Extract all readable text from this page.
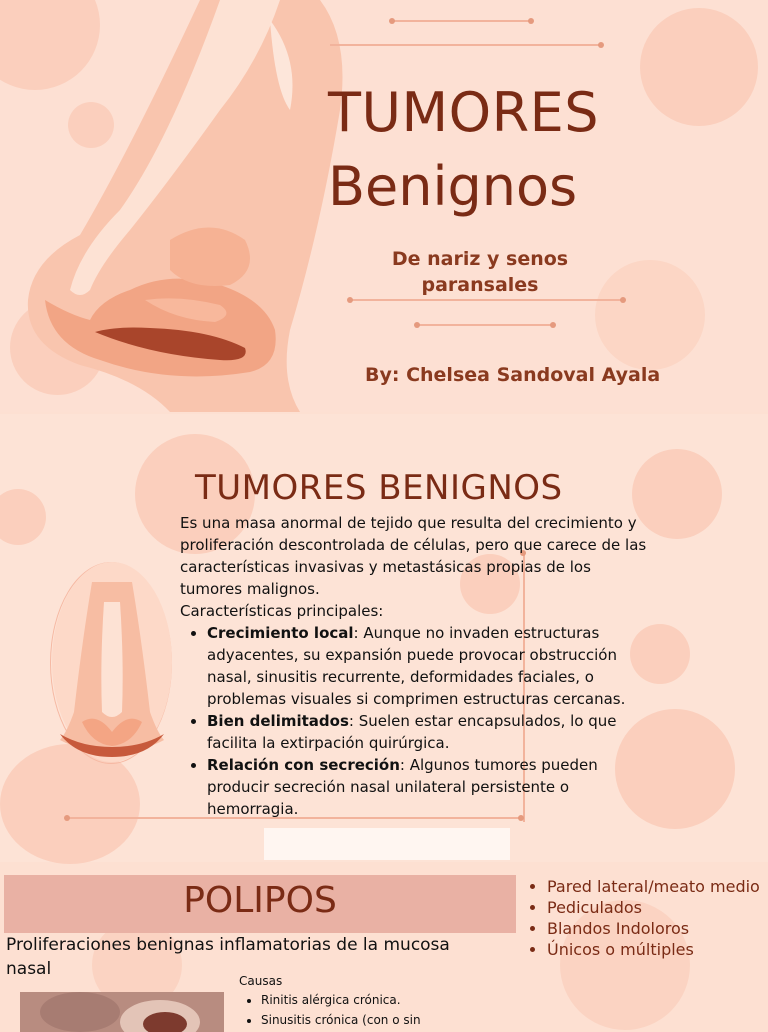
TUMORES
Benignos
De nariz y senos paransales
By: Chelsea Sandoval Ayala
TUMORES BENIGNOS
Es una masa anormal de tejido que resulta del crecimiento y proliferación descontrolada de células, pero que carece de las características invasivas y metastásicas propias de los tumores malignos.
Características principales:
• Crecimiento local: Aunque no invaden estructuras adyacentes, su expansión puede provocar obstrucción nasal, sinusitis recurrente, deformidades faciales, o problemas visuales si comprimen estructuras cercanas.
• Bien delimitados: Suelen estar encapsulados, lo que facilita la extirpación quirúrgica.
• Relación con secreción: Algunos tumores pueden producir secreción nasal unilateral persistente o hemorragia.
POLIPOS
Proliferaciones benignas inflamatorias de la mucosa nasal
Causas
• Rinitis alérgica crónica.
• Sinusitis crónica (con o sin
• Pared lateral/meato medio
• Pediculados
• Blandos Indoloros
• Únicos o múltiples
